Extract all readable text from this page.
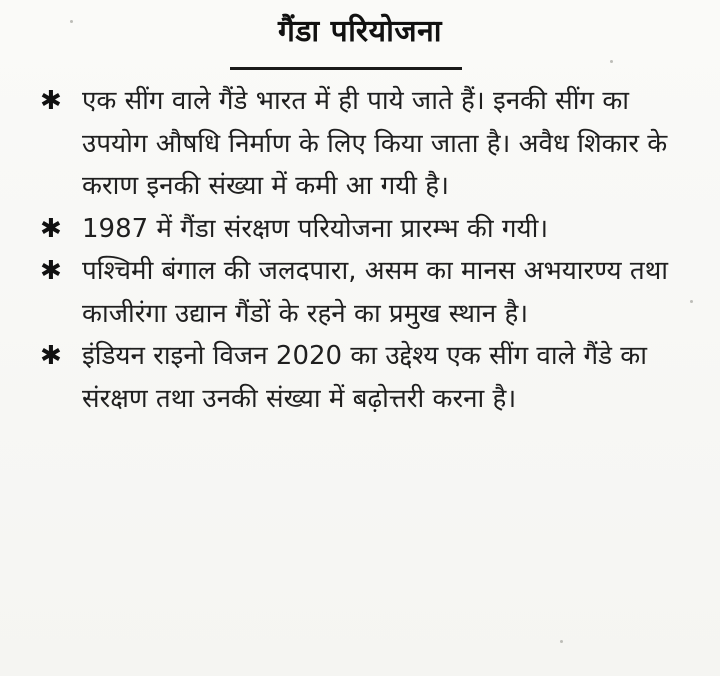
गैंडा परियोजना
✱ एक सींग वाले गैंडे भारत में ही पाये जाते हैं। इनकी सींग का उपयोग औषधि निर्माण के लिए किया जाता है। अवैध शिकार के कराण इनकी संख्या में कमी आ गयी है।
✱ 1987 में गैंडा संरक्षण परियोजना प्रारम्भ की गयी।
✱ पश्चिमी बंगाल की जलदपारा, असम का मानस अभयारण्य तथा काजीरंगा उद्यान गैंडों के रहने का प्रमुख स्थान है।
✱ इंडियन राइनो विजन 2020 का उद्देश्य एक सींग वाले गैंडे का संरक्षण तथा उनकी संख्या में बढ़ोत्तरी करना है।
